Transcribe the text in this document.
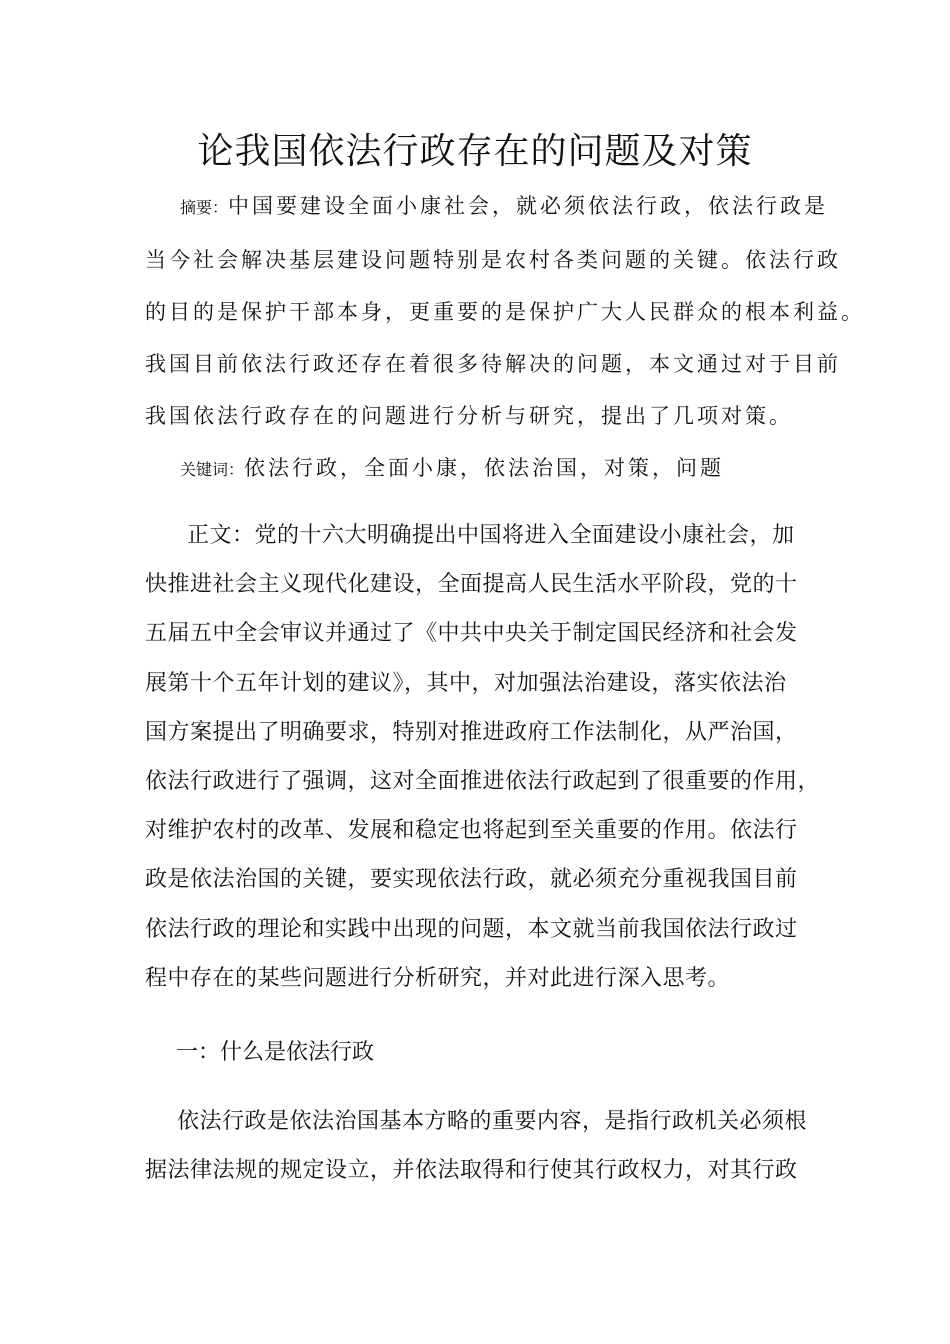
论我国依法行政存在的问题及对策
摘要：中国要建设全面小康社会，就必须依法行政，依法行政是
当今社会解决基层建设问题特别是农村各类问题的关键。依法行政
的目的是保护干部本身，更重要的是保护广大人民群众的根本利益。
我国目前依法行政还存在着很多待解决的问题，本文通过对于目前
我国依法行政存在的问题进行分析与研究，提出了几项对策。
关键词：依法行政，全面小康，依法治国，对策，问题
正文：党的十六大明确提出中国将进入全面建设小康社会，加
快推进社会主义现代化建设，全面提高人民生活水平阶段，党的十
五届五中全会审议并通过了《中共中央关于制定国民经济和社会发
展第十个五年计划的建议》，其中，对加强法治建设，落实依法治
国方案提出了明确要求，特别对推进政府工作法制化，从严治国，
依法行政进行了强调，这对全面推进依法行政起到了很重要的作用，
对维护农村的改革、发展和稳定也将起到至关重要的作用。依法行
政是依法治国的关键，要实现依法行政，就必须充分重视我国目前
依法行政的理论和实践中出现的问题，本文就当前我国依法行政过
程中存在的某些问题进行分析研究，并对此进行深入思考。
一：什么是依法行政
依法行政是依法治国基本方略的重要内容，是指行政机关必须根
据法律法规的规定设立，并依法取得和行使其行政权力，对其行政
